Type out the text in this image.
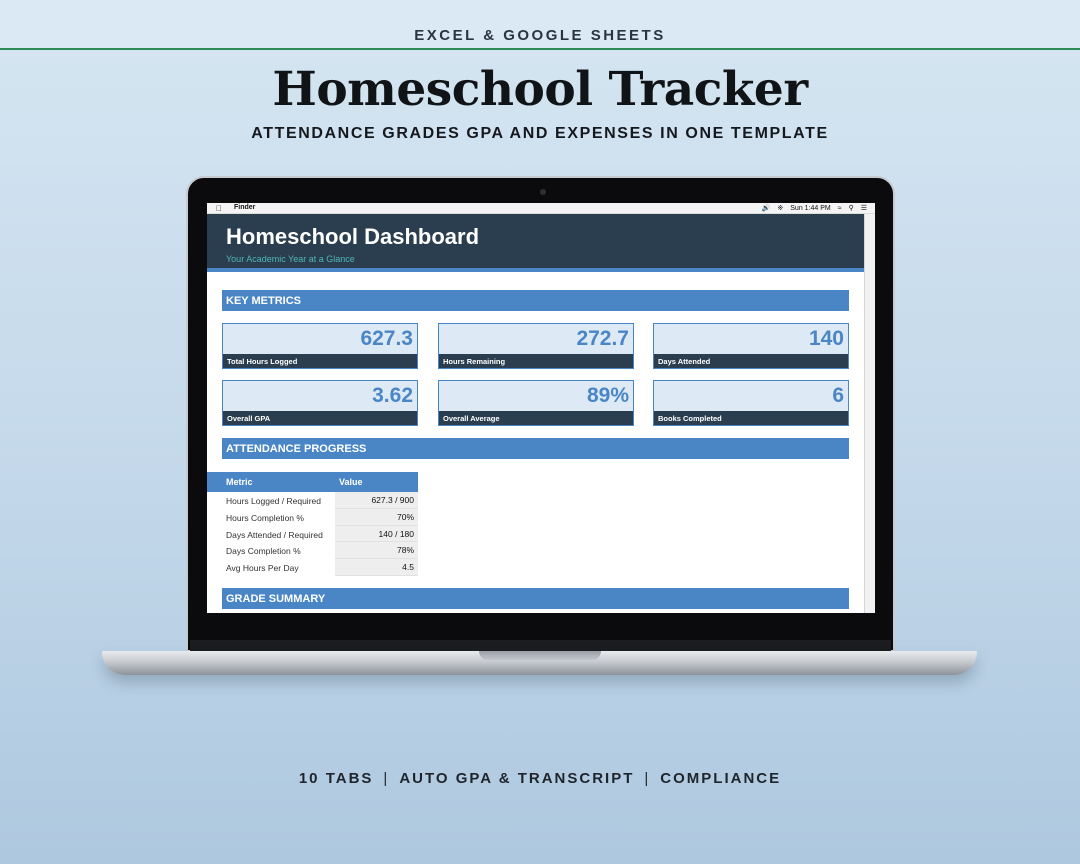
EXCEL & GOOGLE SHEETS
Homeschool Tracker
ATTENDANCE GRADES GPA AND EXPENSES IN ONE TEMPLATE
Finder	🔊 ※ Sun 1:44 PM ≈ ⚲ ☰
Homeschool Dashboard
Your Academic Year at a Glance
KEY METRICS
627.3
Total Hours Logged
272.7
Hours Remaining
140
Days Attended
3.62
Overall GPA
89%
Overall Average
6
Books Completed
ATTENDANCE PROGRESS
Metric	Value
Hours Logged / Required	627.3 / 900
Hours Completion %	70%
Days Attended / Required	140 / 180
Days Completion %	78%
Avg Hours Per Day	4.5
GRADE SUMMARY
10 TABS | AUTO GPA & TRANSCRIPT | COMPLIANCE
